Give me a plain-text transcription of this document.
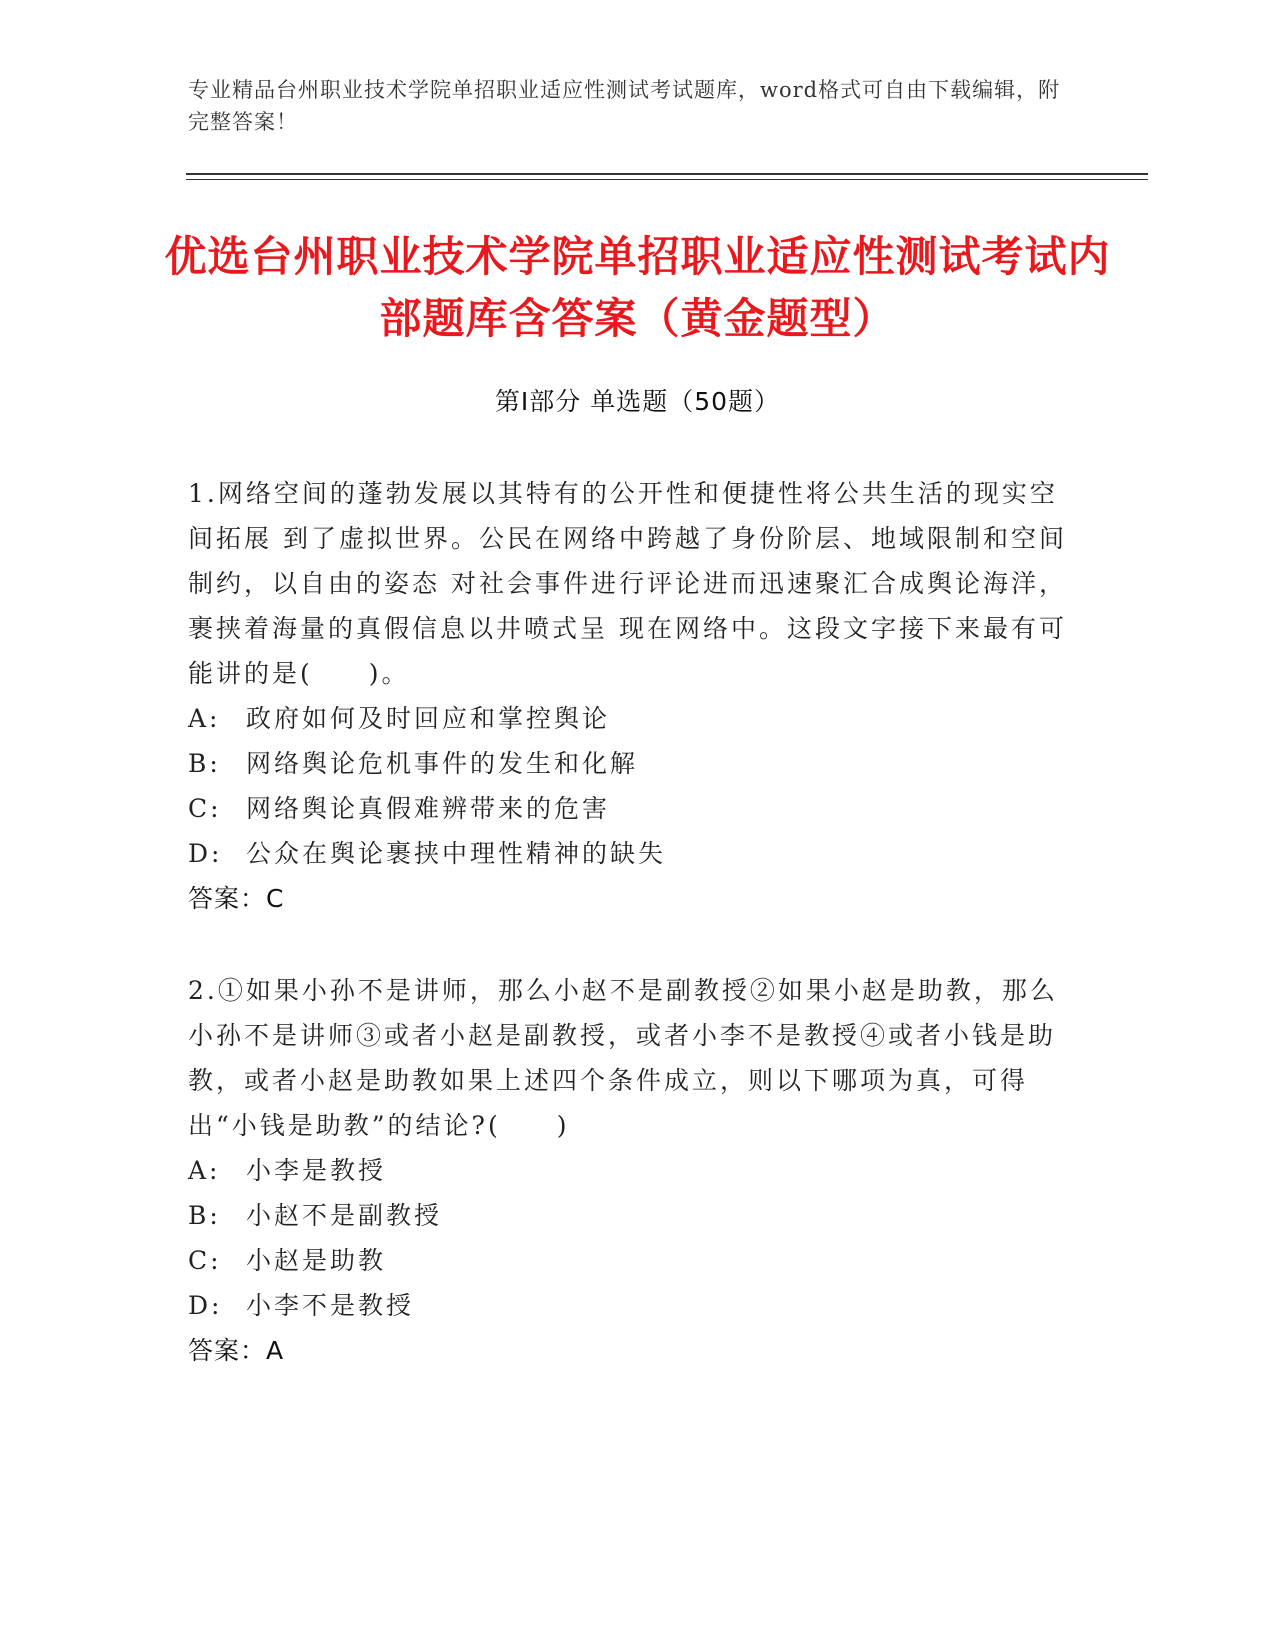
专业精品台州职业技术学院单招职业适应性测试考试题库，word格式可自由下载编辑，附完整答案！
优选台州职业技术学院单招职业适应性测试考试内部题库含答案（黄金题型）
第Ⅰ部分 单选题（50题）
1.网络空间的蓬勃发展以其特有的公开性和便捷性将公共生活的现实空间拓展 到了虚拟世界。公民在网络中跨越了身份阶层、地域限制和空间制约，以自由的姿态 对社会事件进行评论进而迅速聚汇合成舆论海洋，裹挟着海量的真假信息以井喷式呈 现在网络中。这段文字接下来最有可能讲的是(　　)。
A: 政府如何及时回应和掌控舆论
B: 网络舆论危机事件的发生和化解
C: 网络舆论真假难辨带来的危害
D: 公众在舆论裹挟中理性精神的缺失
答案：C
2.①如果小孙不是讲师，那么小赵不是副教授②如果小赵是助教，那么小孙不是讲师③或者小赵是副教授，或者小李不是教授④或者小钱是助教，或者小赵是助教如果上述四个条件成立，则以下哪项为真，可得出“小钱是助教”的结论?(　　)
A: 小李是教授
B: 小赵不是副教授
C: 小赵是助教
D: 小李不是教授
答案：A
